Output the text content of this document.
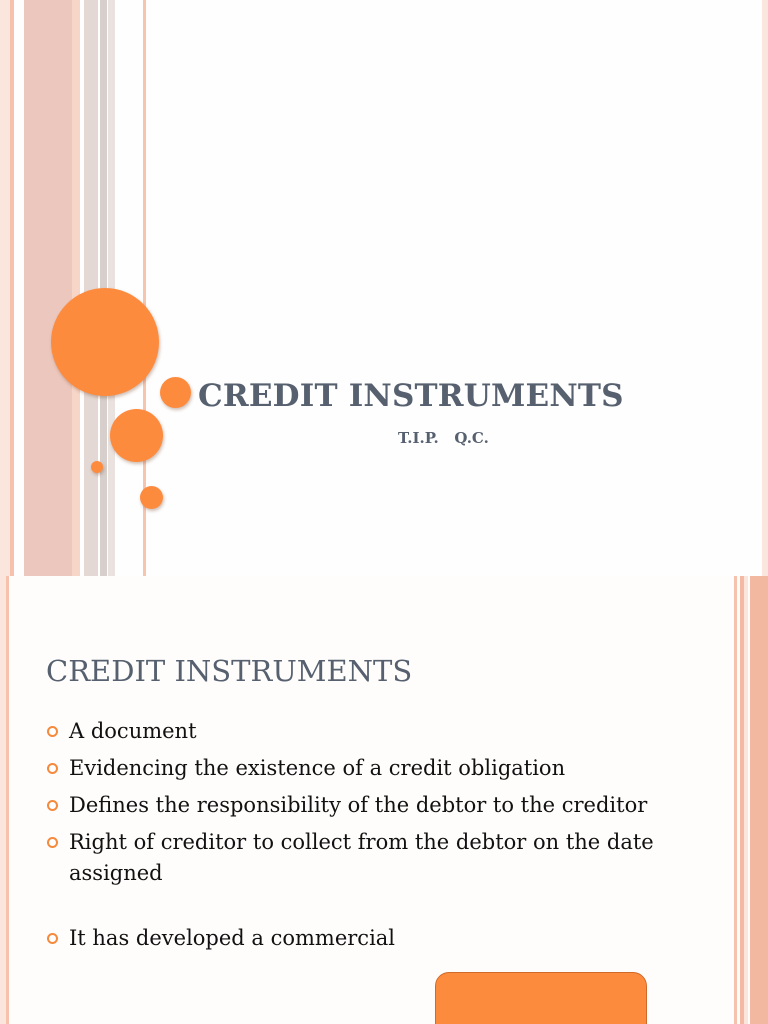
CREDIT INSTRUMENTS
T.I.P.   Q.C.
CREDIT INSTRUMENTS
A document
Evidencing the existence of a credit obligation
Defines the responsibility of the debtor to the creditor
Right of creditor to collect from the debtor on the date assigned
It has developed a commercial
